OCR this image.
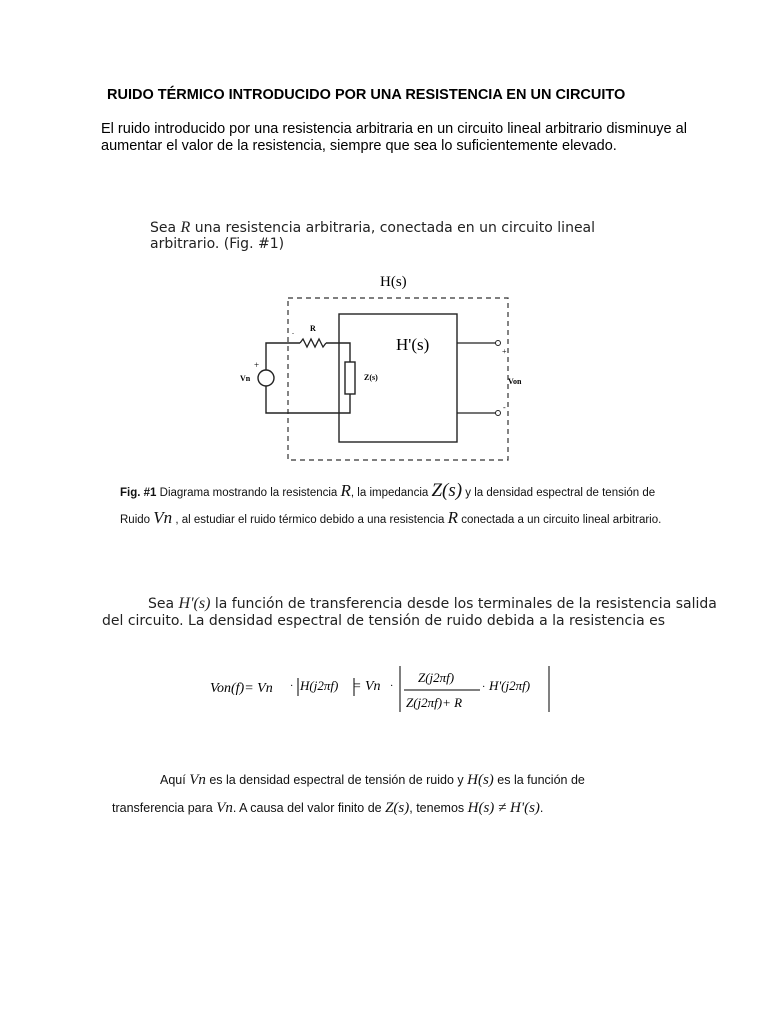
RUIDO TÉRMICO INTRODUCIDO POR UNA RESISTENCIA EN UN CIRCUITO
El ruido introducido por una resistencia arbitraria en un circuito lineal arbitrario disminuye al aumentar el valor de la resistencia, siempre que sea lo suficientemente elevado.
Sea R una resistencia arbitraria, conectada en un circuito lineal arbitrario. (Fig. #1)
H(s)
H'(s)
+
Vn
R
.
Z(s)
+
-
Von
Fig. #1 Diagrama mostrando la resistencia R, la impedancia Z(s) y la densidad espectral de tensión de
Ruido Vn , al estudiar el ruido térmico debido a una resistencia R conectada a un circuito lineal arbitrario.
Sea H'(s) la función de transferencia desde los terminales de la resistencia salida del circuito. La densidad espectral de tensión de ruido debida a la resistencia es
Von(f)= Vn · H(j2πf) = Vn ·
Z(j2πf)
Z(j2πf)+ R
· H'(j2πf)
Aquí Vn es la densidad espectral de tensión de ruido y H(s) es la función de
transferencia para Vn. A causa del valor finito de Z(s), tenemos H(s) ≠ H'(s).
